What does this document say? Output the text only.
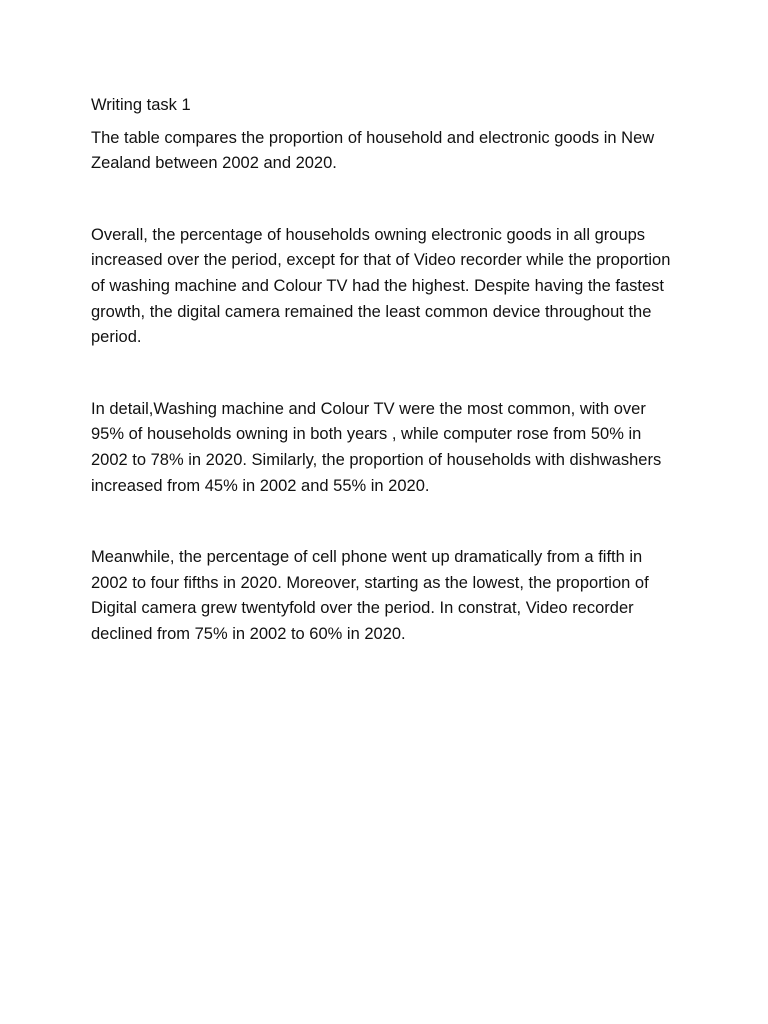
Writing task 1

The table compares the proportion of household and electronic goods in New Zealand between 2002 and 2020.

Overall, the percentage of households owning electronic goods in all groups increased over the period, except for that of Video recorder while the proportion of washing machine and Colour TV had the highest. Despite having the fastest growth, the digital camera remained the least common device throughout the period.

In detail,Washing machine and Colour TV were the most common, with over 95% of households owning in both years , while computer rose from 50% in 2002 to 78% in 2020. Similarly, the proportion of households with dishwashers increased from 45% in 2002 and 55% in 2020.

Meanwhile, the percentage of cell phone went up dramatically from a fifth in 2002 to four fifths in 2020. Moreover, starting as the lowest, the proportion of Digital camera grew twentyfold over the period. In constrat, Video recorder declined from 75% in 2002 to 60% in 2020.
